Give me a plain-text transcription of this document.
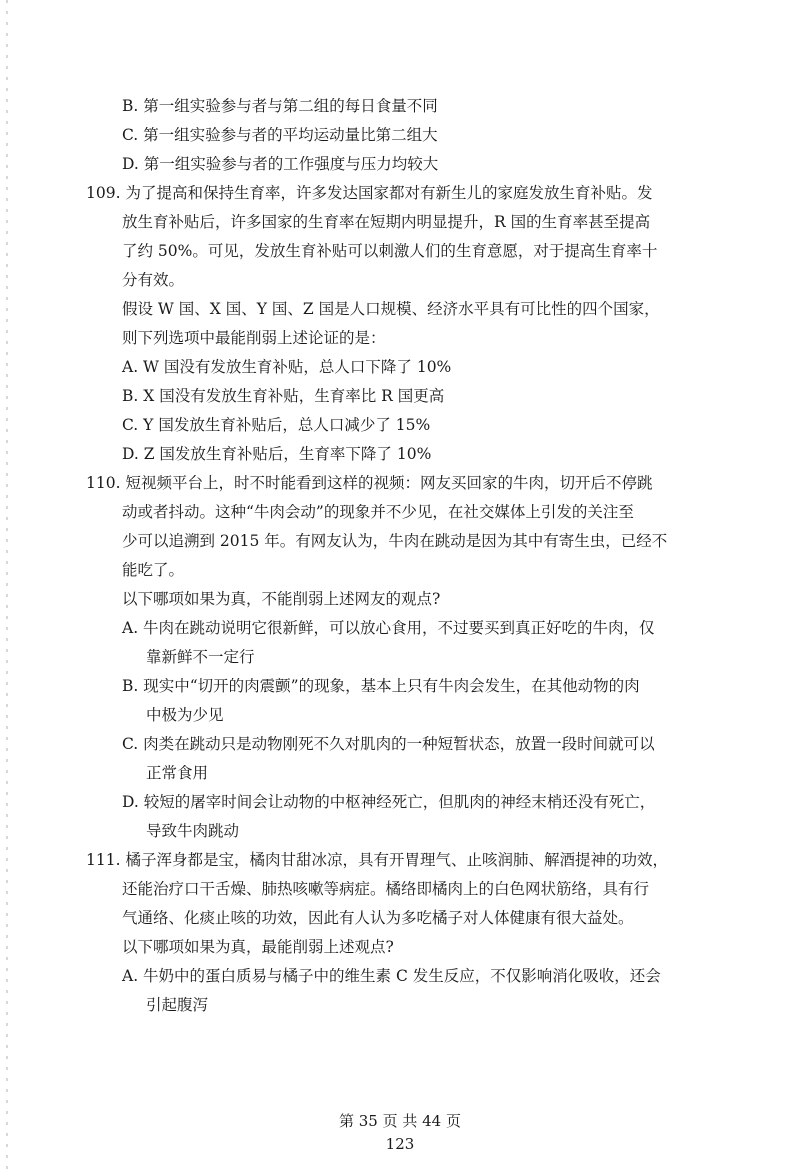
B. 第一组实验参与者与第二组的每日食量不同

C. 第一组实验参与者的平均运动量比第二组大

D. 第一组实验参与者的工作强度与压力均较大

109. 为了提高和保持生育率，许多发达国家都对有新生儿的家庭发放生育补贴。发

放生育补贴后，许多国家的生育率在短期内明显提升，R 国的生育率甚至提高

了约 50%。可见，发放生育补贴可以刺激人们的生育意愿，对于提高生育率十

分有效。

假设 W 国、X 国、Y 国、Z 国是人口规模、经济水平具有可比性的四个国家，

则下列选项中最能削弱上述论证的是：

A. W 国没有发放生育补贴，总人口下降了 10%

B. X 国没有发放生育补贴，生育率比 R 国更高

C. Y 国发放生育补贴后，总人口减少了 15%

D. Z 国发放生育补贴后，生育率下降了 10%

110. 短视频平台上，时不时能看到这样的视频：网友买回家的牛肉，切开后不停跳

动或者抖动。这种“牛肉会动”的现象并不少见，在社交媒体上引发的关注至

少可以追溯到 2015 年。有网友认为，牛肉在跳动是因为其中有寄生虫，已经不

能吃了。

以下哪项如果为真，不能削弱上述网友的观点?

A. 牛肉在跳动说明它很新鲜，可以放心食用，不过要买到真正好吃的牛肉，仅

靠新鲜不一定行

B. 现实中“切开的肉震颤”的现象，基本上只有牛肉会发生，在其他动物的肉

中极为少见

C. 肉类在跳动只是动物刚死不久对肌肉的一种短暂状态，放置一段时间就可以

正常食用

D. 较短的屠宰时间会让动物的中枢神经死亡，但肌肉的神经末梢还没有死亡，

导致牛肉跳动

111. 橘子浑身都是宝，橘肉甘甜冰凉，具有开胃理气、止咳润肺、解酒提神的功效，

还能治疗口干舌燥、肺热咳嗽等病症。橘络即橘肉上的白色网状筋络，具有行

气通络、化痰止咳的功效，因此有人认为多吃橘子对人体健康有很大益处。

以下哪项如果为真，最能削弱上述观点?

A. 牛奶中的蛋白质易与橘子中的维生素 C 发生反应，不仅影响消化吸收，还会

引起腹泻

第 35 页 共 44 页
123
